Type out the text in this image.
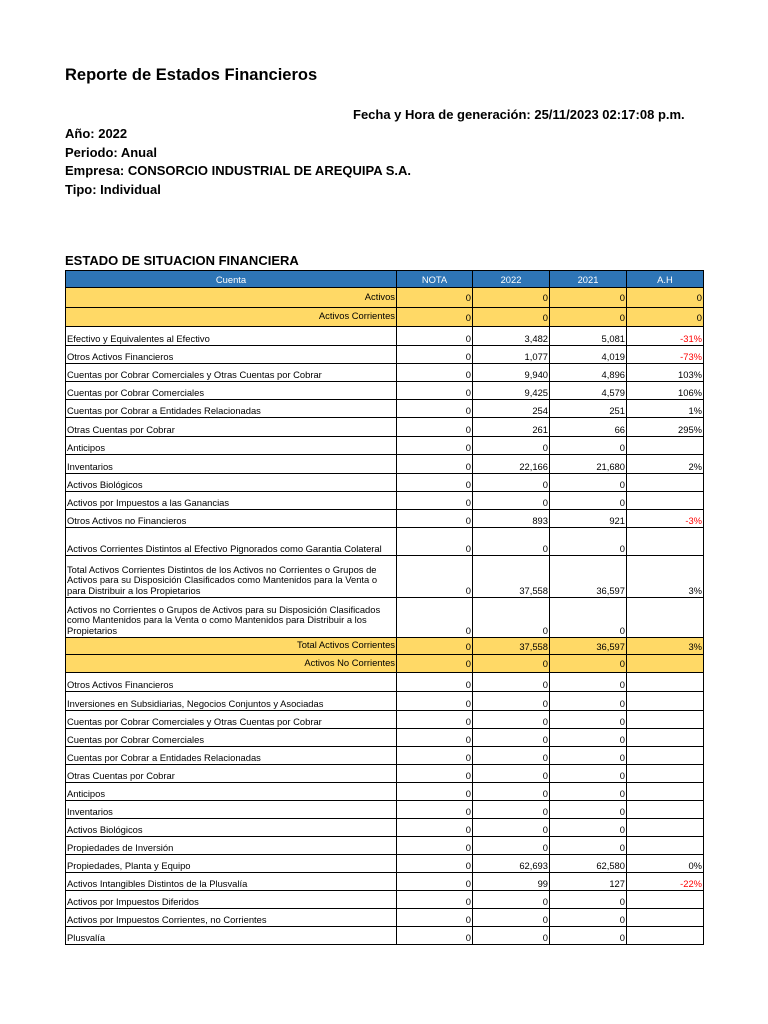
Reporte de Estados Financieros
Fecha y Hora de generación: 25/11/2023 02:17:08 p.m.
Año: 2022
Periodo: Anual
Empresa: CONSORCIO INDUSTRIAL DE AREQUIPA S.A.
Tipo: Individual
ESTADO DE SITUACION FINANCIERA
Cuenta	NOTA	2022	2021	A.H
Activos	0	0	0	0
Activos Corrientes	0	0	0	0
Efectivo y Equivalentes al Efectivo	0	3,482	5,081	-31%
Otros Activos Financieros	0	1,077	4,019	-73%
Cuentas por Cobrar Comerciales y Otras Cuentas por Cobrar	0	9,940	4,896	103%
Cuentas por Cobrar Comerciales	0	9,425	4,579	106%
Cuentas por Cobrar a Entidades Relacionadas	0	254	251	1%
Otras Cuentas por Cobrar	0	261	66	295%
Anticipos	0	0	0	
Inventarios	0	22,166	21,680	2%
Activos Biológicos	0	0	0	
Activos por Impuestos a las Ganancias	0	0	0	
Otros Activos no Financieros	0	893	921	-3%
Activos Corrientes Distintos al Efectivo Pignorados como Garantia Colateral	0	0	0	
Total Activos Corrientes Distintos de los Activos no Corrientes o Grupos de Activos para su Disposición Clasificados como Mantenidos para la Venta o para Distribuir a los Propietarios	0	37,558	36,597	3%
Activos no Corrientes o Grupos de Activos para su Disposición Clasificados como Mantenidos para la Venta o como Mantenidos para Distribuir a los Propietarios	0	0	0	
Total Activos Corrientes	0	37,558	36,597	3%
Activos No Corrientes	0	0	0	
Otros Activos Financieros	0	0	0	
Inversiones en Subsidiarias, Negocios Conjuntos y Asociadas	0	0	0	
Cuentas por Cobrar Comerciales y Otras Cuentas por Cobrar	0	0	0	
Cuentas por Cobrar Comerciales	0	0	0	
Cuentas por Cobrar a Entidades Relacionadas	0	0	0	
Otras Cuentas por Cobrar	0	0	0	
Anticipos	0	0	0	
Inventarios	0	0	0	
Activos Biológicos	0	0	0	
Propiedades de Inversión	0	0	0	
Propiedades, Planta y Equipo	0	62,693	62,580	0%
Activos Intangibles Distintos de la Plusvalía	0	99	127	-22%
Activos por Impuestos Diferidos	0	0	0	
Activos por Impuestos Corrientes, no Corrientes	0	0	0	
Plusvalía	0	0	0	
